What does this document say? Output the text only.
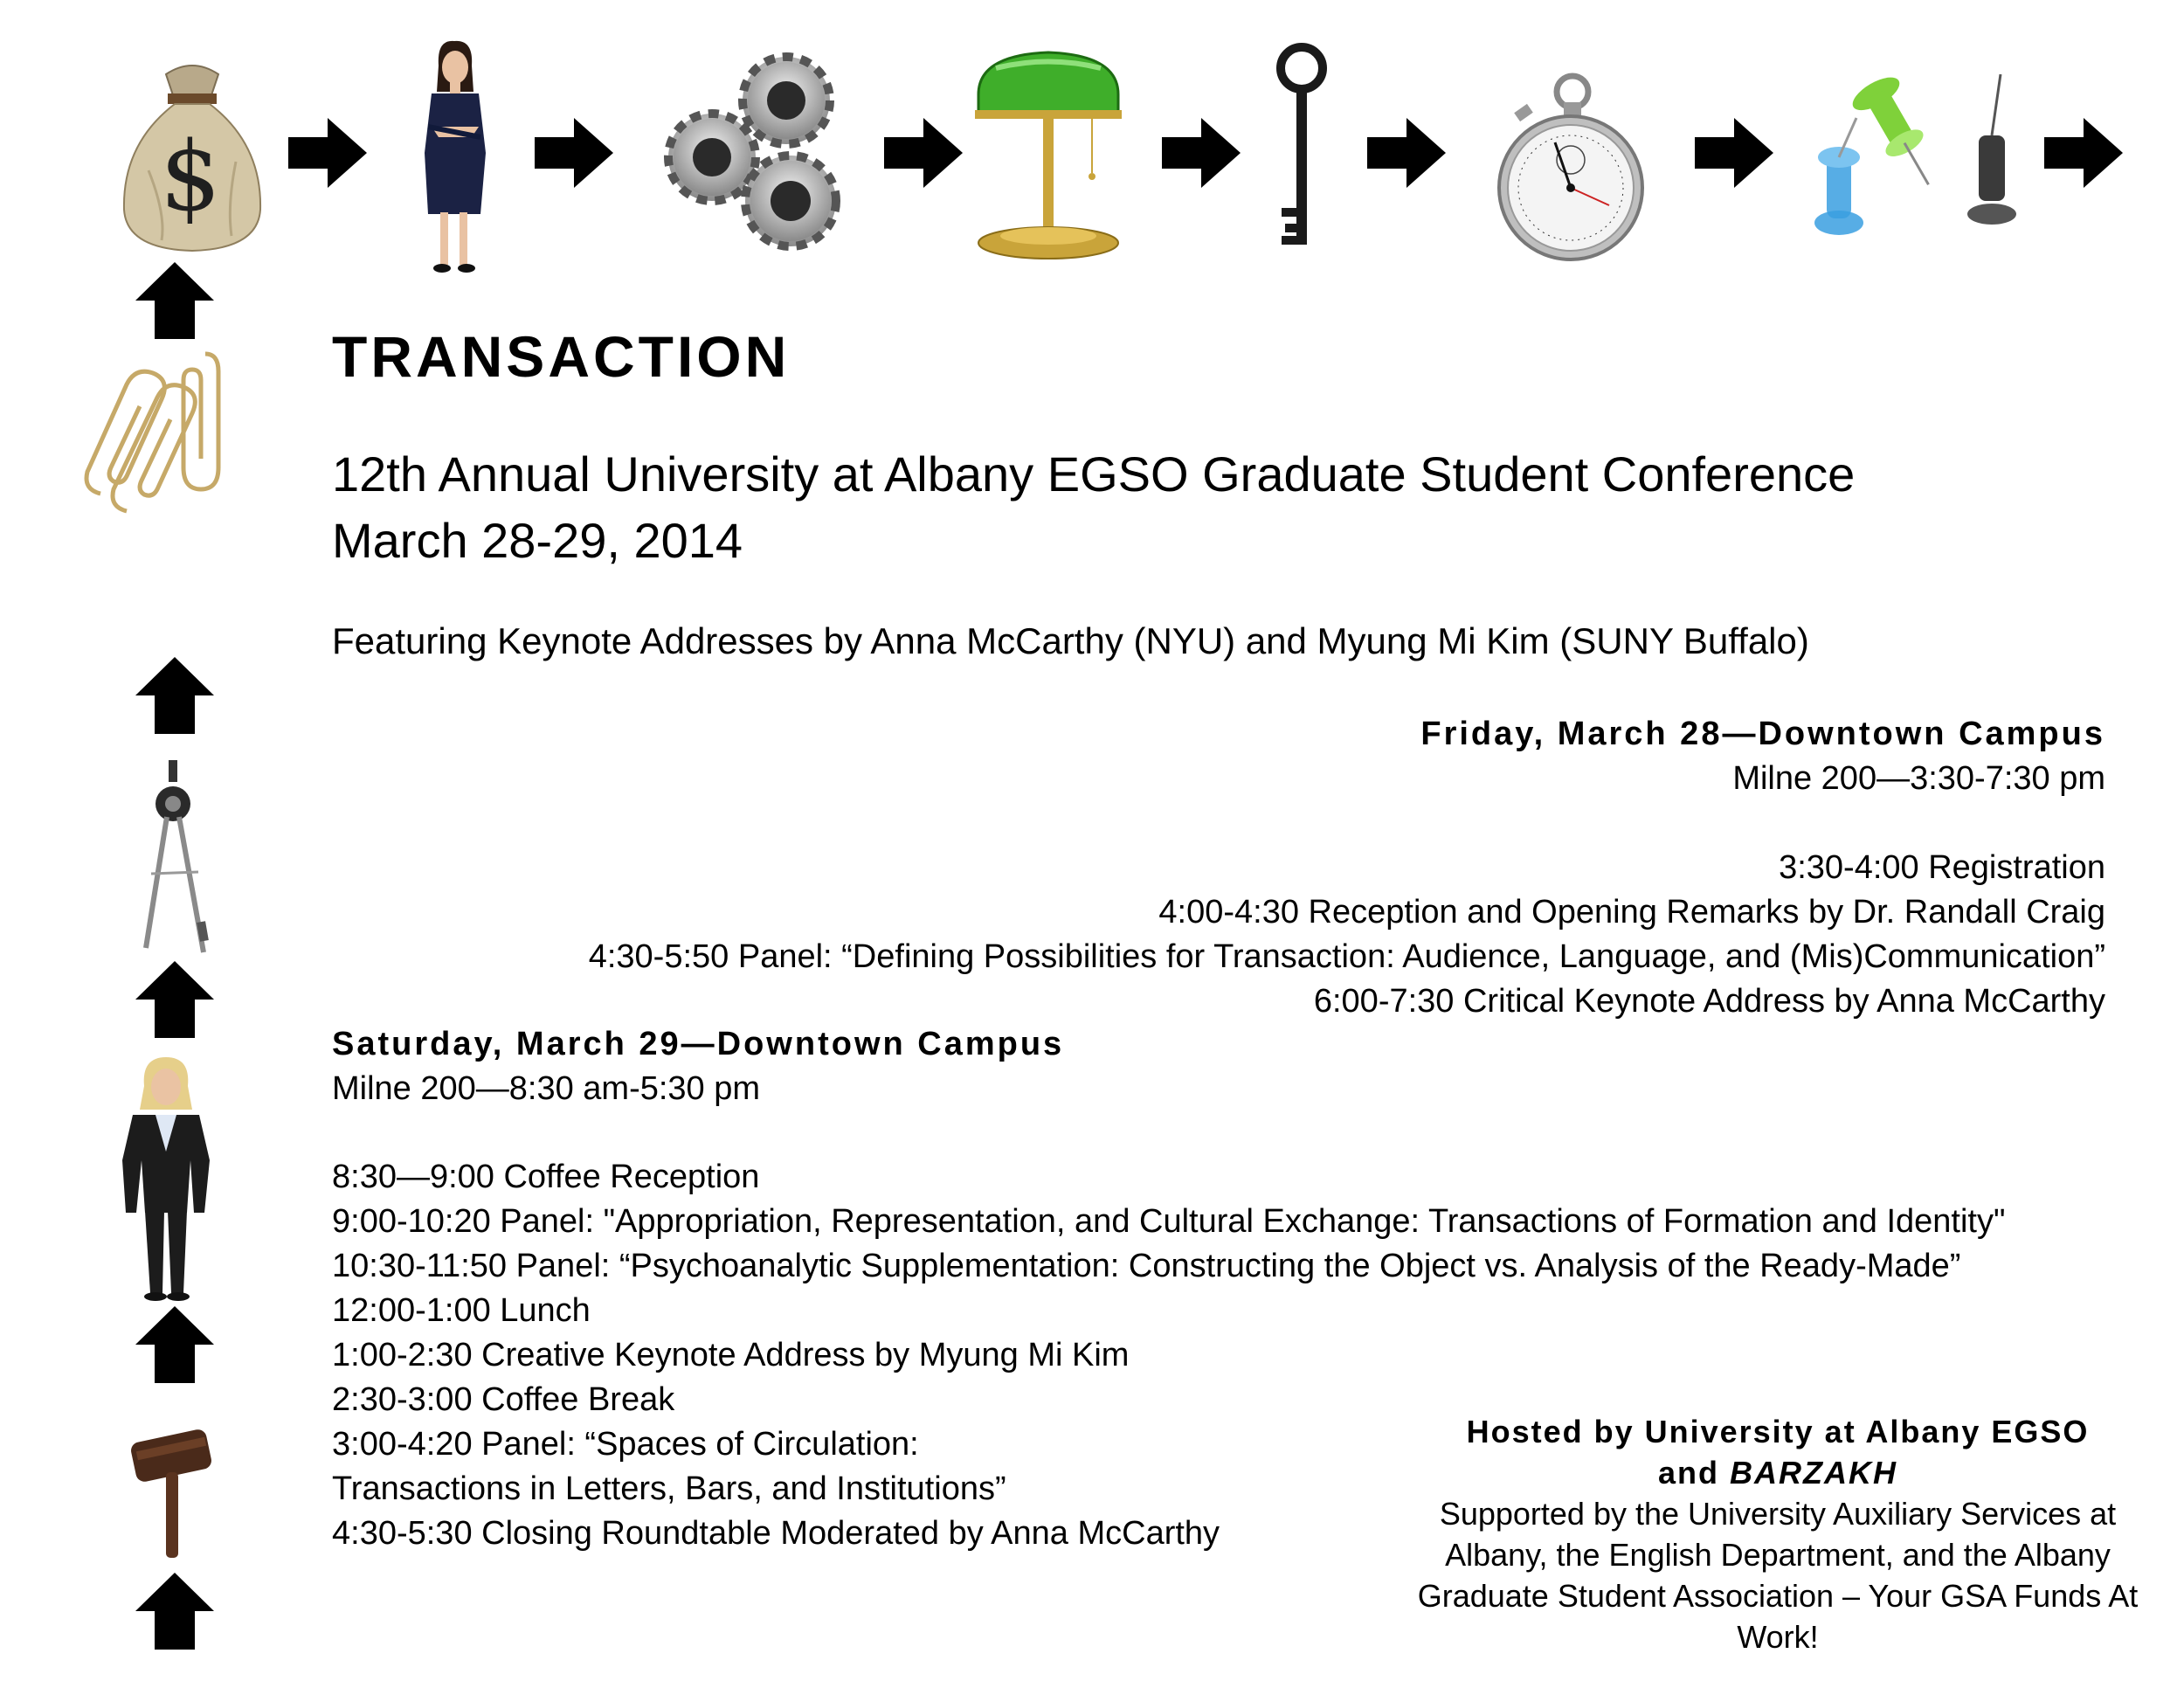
$
TRANSACTION
12th Annual University at Albany EGSO Graduate Student Conference
March 28-29, 2014
Featuring Keynote Addresses by Anna McCarthy (NYU) and Myung Mi Kim (SUNY Buffalo)
Friday, March 28—Downtown Campus
Milne 200—3:30-7:30 pm
3:30-4:00 Registration
4:00-4:30 Reception and Opening Remarks by Dr. Randall Craig
4:30-5:50 Panel: “Defining Possibilities for Transaction: Audience, Language, and (Mis)Communication”
6:00-7:30 Critical Keynote Address by Anna McCarthy
Saturday, March 29—Downtown Campus
Milne 200—8:30 am-5:30 pm
8:30—9:00 Coffee Reception
9:00-10:20 Panel: "Appropriation, Representation, and Cultural Exchange: Transactions of Formation and Identity"
10:30-11:50 Panel: “Psychoanalytic Supplementation: Constructing the Object vs. Analysis of the Ready-Made”
12:00-1:00 Lunch
1:00-2:30 Creative Keynote Address by Myung Mi Kim
2:30-3:00 Coffee Break
3:00-4:20 Panel: “Spaces of Circulation:
Transactions in Letters, Bars, and Institutions”
4:30-5:30 Closing Roundtable Moderated by Anna McCarthy
Hosted by University at Albany EGSO
and BARZAKH
Supported by the University Auxiliary Services at Albany, the English Department, and the Albany Graduate Student Association – Your GSA Funds At Work!
